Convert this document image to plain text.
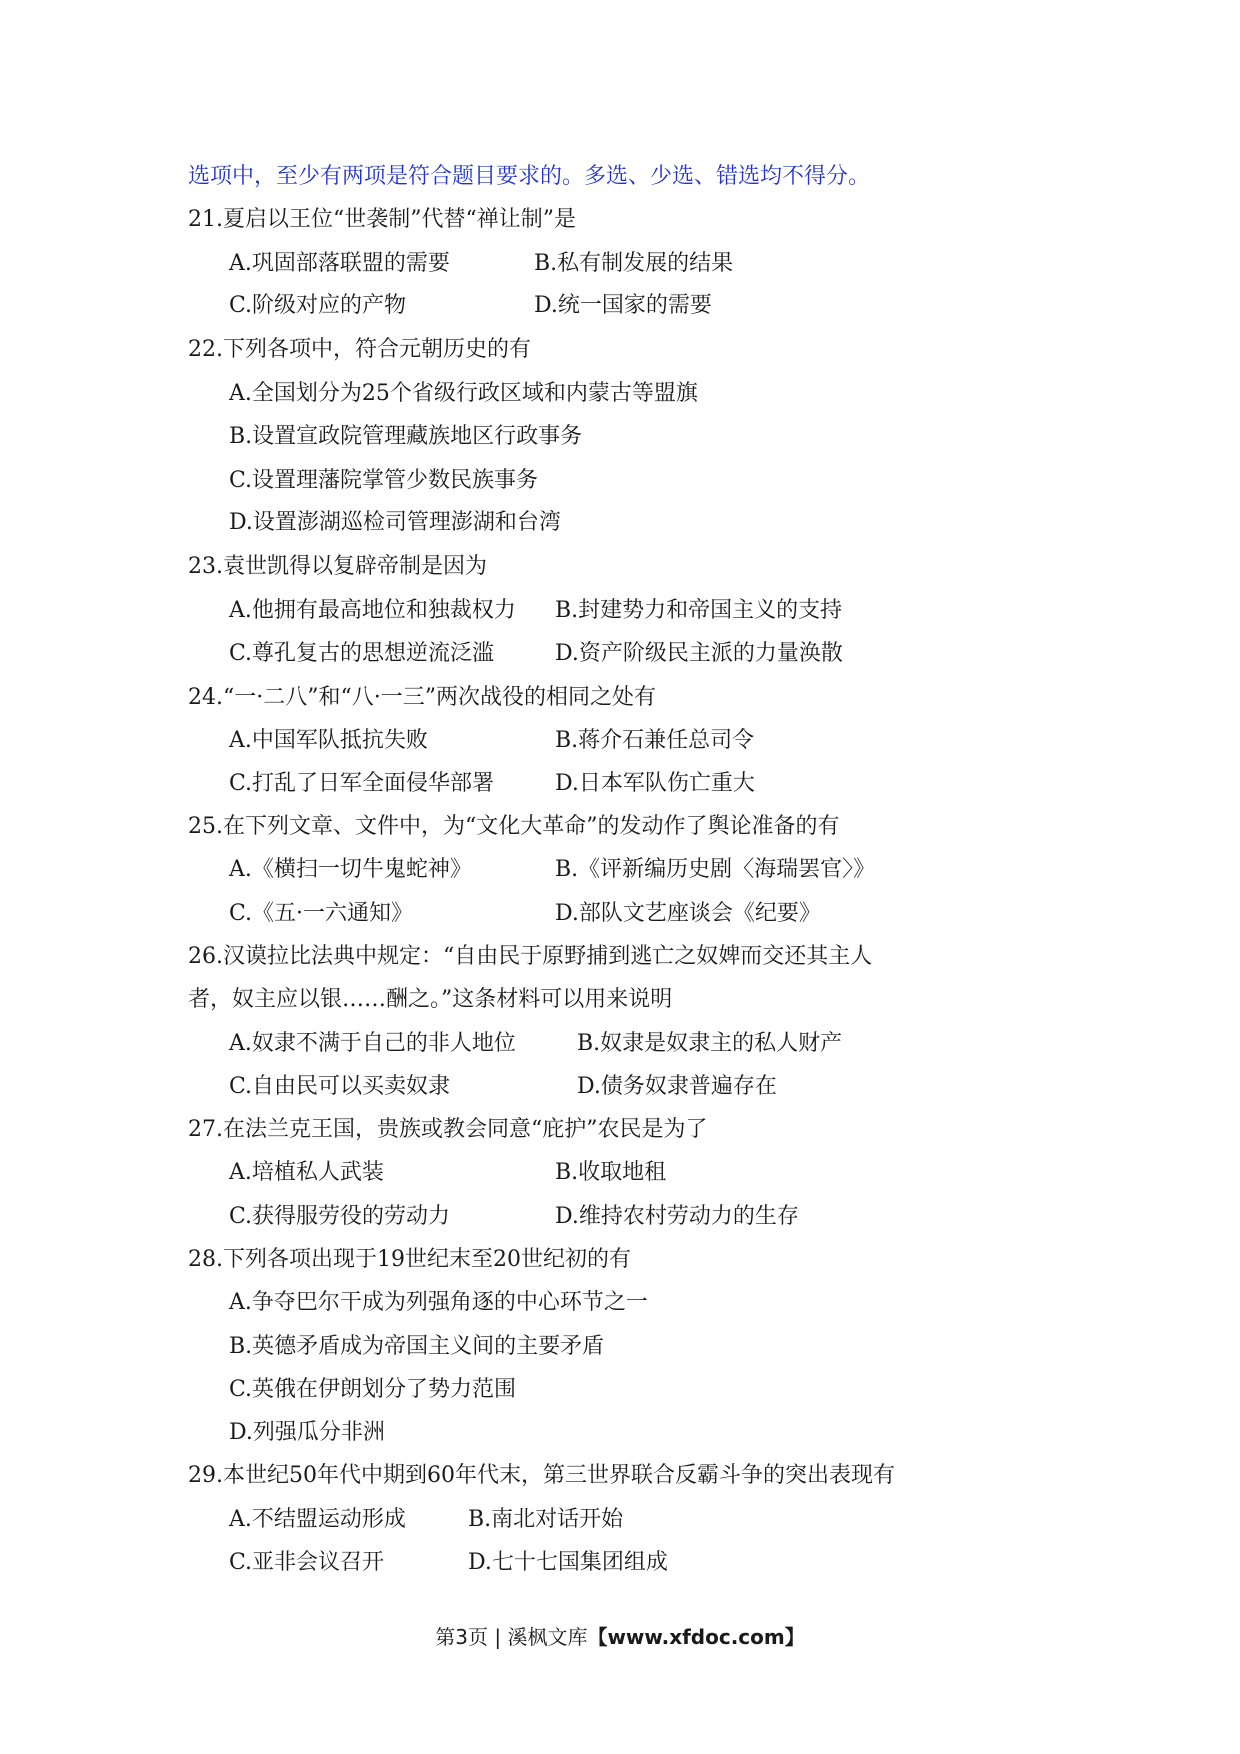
选项中，至少有两项是符合题目要求的。多选、少选、错选均不得分。
21.夏启以王位“世袭制”代替“禅让制”是
A.巩固部落联盟的需要	B.私有制发展的结果
C.阶级对应的产物	D.统一国家的需要
22.下列各项中，符合元朝历史的有
A.全国划分为25个省级行政区域和内蒙古等盟旗
B.设置宣政院管理藏族地区行政事务
C.设置理藩院掌管少数民族事务
D.设置澎湖巡检司管理澎湖和台湾
23.袁世凯得以复辟帝制是因为
A.他拥有最高地位和独裁权力 B.封建势力和帝国主义的支持
C.尊孔复古的思想逆流泛滥	D.资产阶级民主派的力量涣散
24.“一·二八”和“八·一三”两次战役的相同之处有
A.中国军队抵抗失败	B.蒋介石兼任总司令
C.打乱了日军全面侵华部署	D.日本军队伤亡重大
25.在下列文章、文件中，为“文化大革命”的发动作了舆论准备的有
A.《横扫一切牛鬼蛇神》	B.《评新编历史剧〈海瑞罢官〉》
C.《五·一六通知》	D.部队文艺座谈会《纪要》
26.汉谟拉比法典中规定：“自由民于原野捕到逃亡之奴婢而交还其主人
者，奴主应以银……酬之。”这条材料可以用来说明
A.奴隶不满于自己的非人地位	B.奴隶是奴隶主的私人财产
C.自由民可以买卖奴隶	D.债务奴隶普遍存在
27.在法兰克王国，贵族或教会同意“庇护”农民是为了
A.培植私人武装	B.收取地租
C.获得服劳役的劳动力	D.维持农村劳动力的生存
28.下列各项出现于19世纪末至20世纪初的有
A.争夺巴尔干成为列强角逐的中心环节之一
B.英德矛盾成为帝国主义间的主要矛盾
C.英俄在伊朗划分了势力范围
D.列强瓜分非洲
29.本世纪50年代中期到60年代末，第三世界联合反霸斗争的突出表现有
A.不结盟运动形成	B.南北对话开始
C.亚非会议召开	D.七十七国集团组成
第3页 | 溪枫文库【www.xfdoc.com】
